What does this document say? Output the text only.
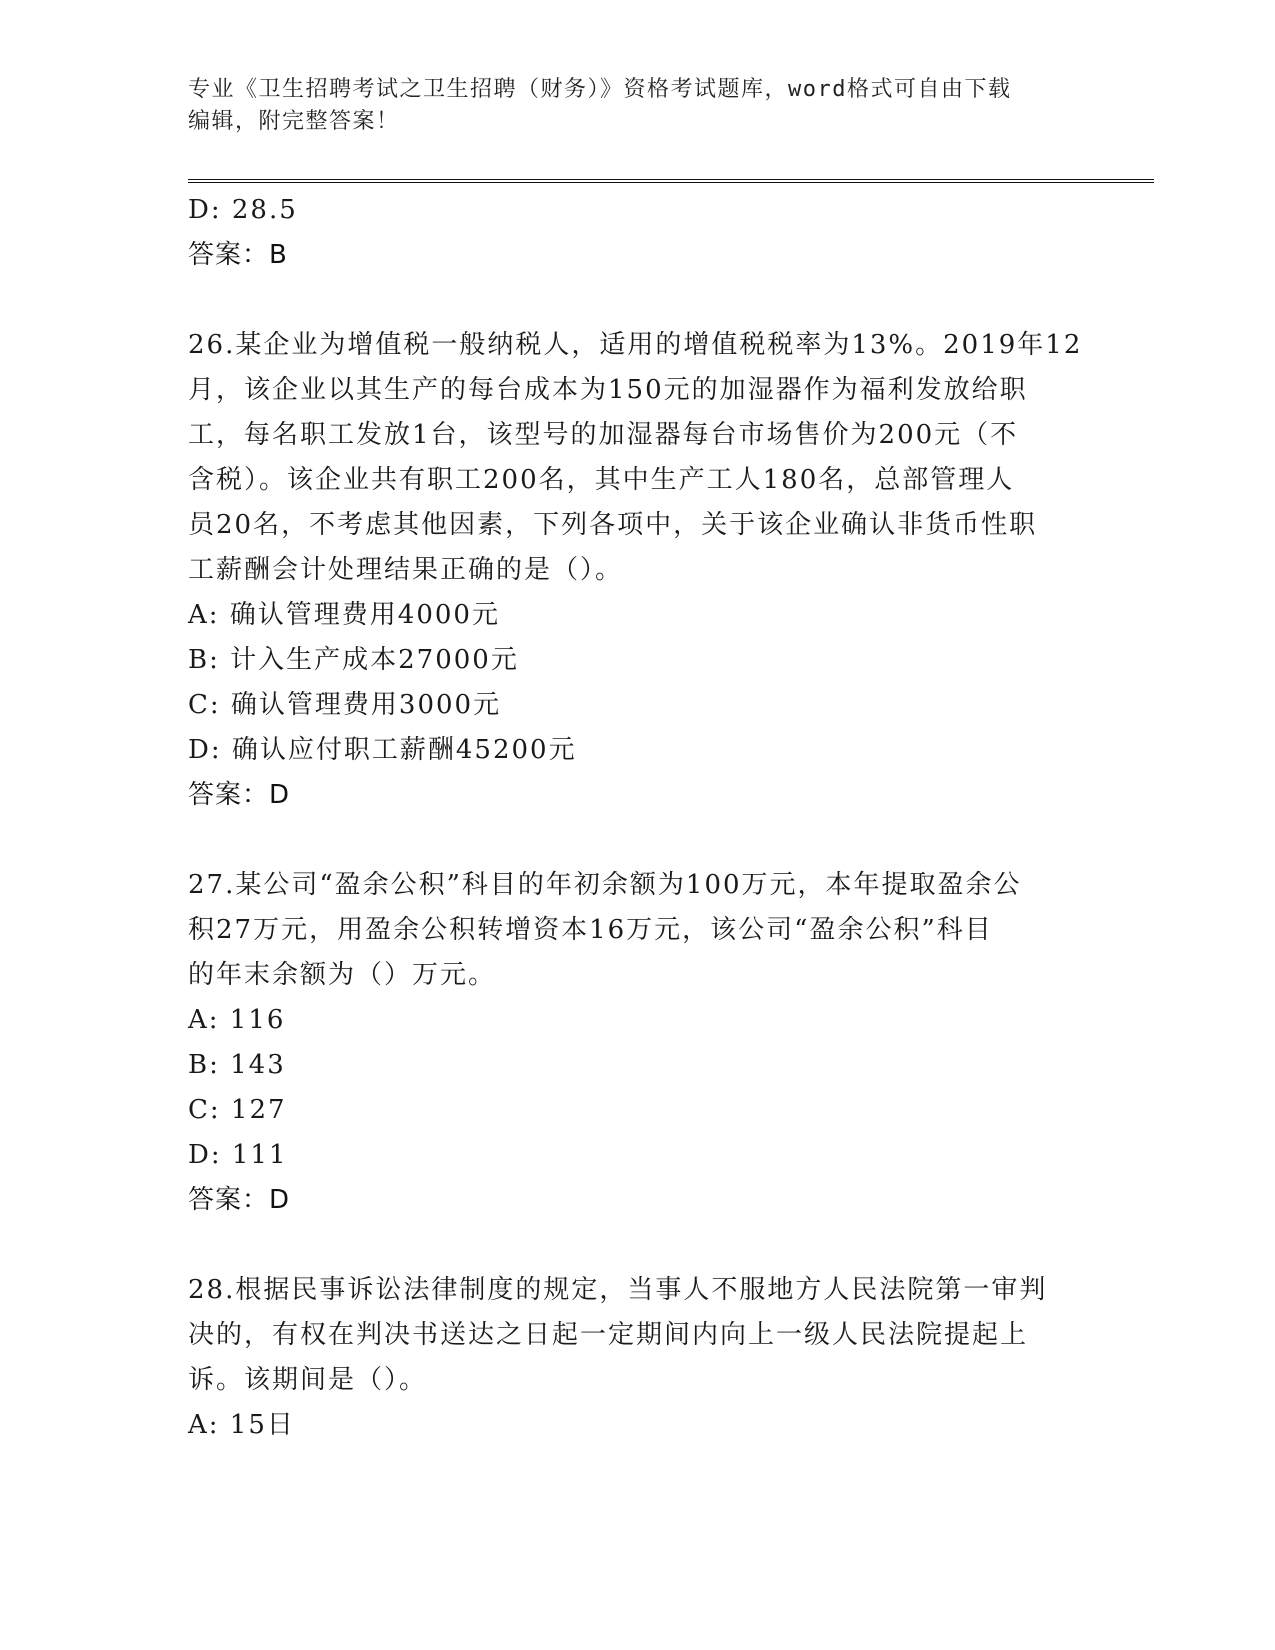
专业《卫生招聘考试之卫生招聘（财务）》资格考试题库，word格式可自由下载
编辑，附完整答案！
D: 28.5
答案：B
26.某企业为增值税一般纳税人，适用的增值税税率为13%。2019年12
月，该企业以其生产的每台成本为150元的加湿器作为福利发放给职
工，每名职工发放1台，该型号的加湿器每台市场售价为200元（不
含税）。该企业共有职工200名，其中生产工人180名，总部管理人
员20名，不考虑其他因素，下列各项中，关于该企业确认非货币性职
工薪酬会计处理结果正确的是（）。
A: 确认管理费用4000元
B: 计入生产成本27000元
C: 确认管理费用3000元
D: 确认应付职工薪酬45200元
答案：D
27.某公司“盈余公积”科目的年初余额为100万元，本年提取盈余公
积27万元，用盈余公积转增资本16万元，该公司“盈余公积”科目
的年末余额为（）万元。
A: 116
B: 143
C: 127
D: 111
答案：D
28.根据民事诉讼法律制度的规定，当事人不服地方人民法院第一审判
决的，有权在判决书送达之日起一定期间内向上一级人民法院提起上
诉。该期间是（）。
A: 15日
